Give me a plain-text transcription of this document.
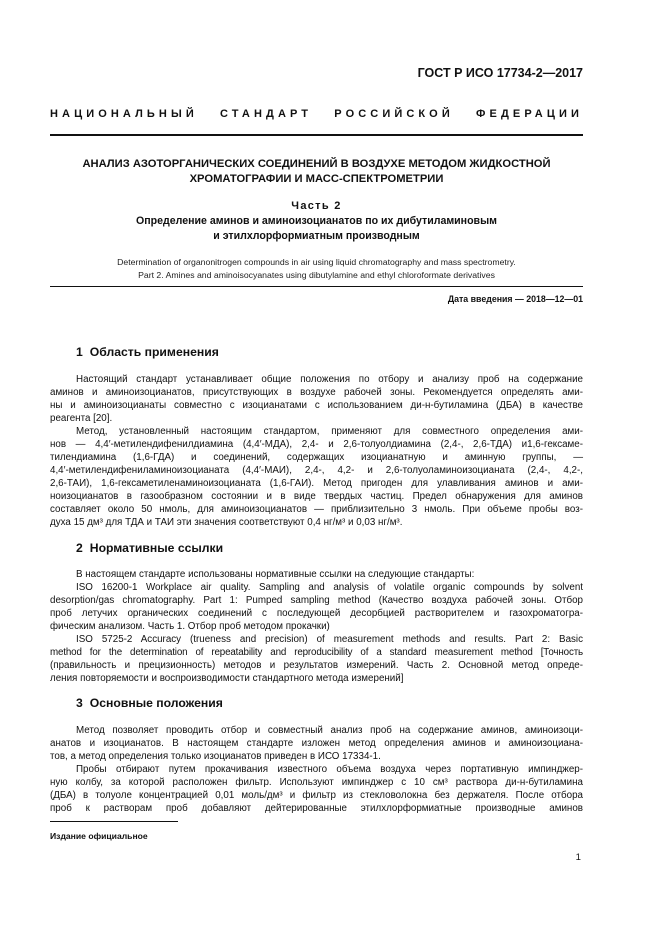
ГОСТ Р ИСО 17734-2—2017
НАЦИОНАЛЬНЫЙ СТАНДАРТ РОССИЙСКОЙ ФЕДЕРАЦИИ
АНАЛИЗ АЗОТОРГАНИЧЕСКИХ СОЕДИНЕНИЙ В ВОЗДУХЕ МЕТОДОМ ЖИДКОСТНОЙ
ХРОМАТОГРАФИИ И МАСС-СПЕКТРОМЕТРИИ
Часть 2
Определение аминов и аминоизоцианатов по их дибутиламиновым
и этилхлорформиатным производным
Determination of organonitrogen compounds in air using liquid chromatography and mass spectrometry.
Part 2. Amines and aminoisocyanates using dibutylamine and ethyl chloroformate derivatives
Дата введения — 2018—12—01
1 Область применения
Настоящий стандарт устанавливает общие положения по отбору и анализу проб на содержание
аминов и аминоизоцианатов, присутствующих в воздухе рабочей зоны. Рекомендуется определять ами-
ны и аминоизоцианаты совместно с изоцианатами с использованием ди-н-бутиламина (ДБА) в качестве
реагента [20].
Метод, установленный настоящим стандартом, применяют для совместного определения ами-
нов — 4,4′-метилендифенилдиамина (4,4′-МДА), 2,4- и 2,6-толуолдиамина (2,4-, 2,6-ТДА) и1,6-гексаме-
тилендиамина (1,6-ГДА) и соединений, содержащих изоцианатную и аминную группы, —
4,4′-метилендифениламиноизоцианата (4,4′-МАИ), 2,4-, 4,2- и 2,6-толуоламиноизоцианата (2,4-, 4,2-,
2,6-ТАИ), 1,6-гексаметиленаминоизоцианата (1,6-ГАИ). Метод пригоден для улавливания аминов и ами-
ноизоцианатов в газообразном состоянии и в виде твердых частиц. Предел обнаружения для аминов
составляет около 50 нмоль, для аминоизоцианатов — приблизительно 3 нмоль. При объеме пробы воз-
духа 15 дм³ для ТДА и ТАИ эти значения соответствуют 0,4 нг/м³ и 0,03 нг/м³.
2 Нормативные ссылки
В настоящем стандарте использованы нормативные ссылки на следующие стандарты:
ISO 16200-1 Workplace air quality. Sampling and analysis of volatile organic compounds by solvent
desorption/gas chromatography. Part 1: Pumped sampling method (Качество воздуха рабочей зоны. Отбор
проб летучих органических соединений с последующей десорбцией растворителем и газохроматогра-
фическим анализом. Часть 1. Отбор проб методом прокачки)
ISO 5725-2 Accuracy (trueness and precision) of measurement methods and results. Part 2: Basic
method for the determination of repeatability and reproducibility of a standard measurement method [Точность
(правильность и прецизионность) методов и результатов измерений. Часть 2. Основной метод опреде-
ления повторяемости и воспроизводимости стандартного метода измерений]
3 Основные положения
Метод позволяет проводить отбор и совместный анализ проб на содержание аминов, аминоизоци-
анатов и изоцианатов. В настоящем стандарте изложен метод определения аминов и аминоизоциана-
тов, а метод определения только изоцианатов приведен в ИСО 17334-1.
Пробы отбирают путем прокачивания известного объема воздуха через портативную импинджер-
ную колбу, за которой расположен фильтр. Используют импинджер с 10 см³ раствора ди-н-бутиламина
(ДБА) в толуоле концентрацией 0,01 моль/дм³ и фильтр из стекловолокна без держателя. После отбора
проб к растворам проб добавляют дейтерированные этилхлорформиатные производные аминов
Издание официальное
1
